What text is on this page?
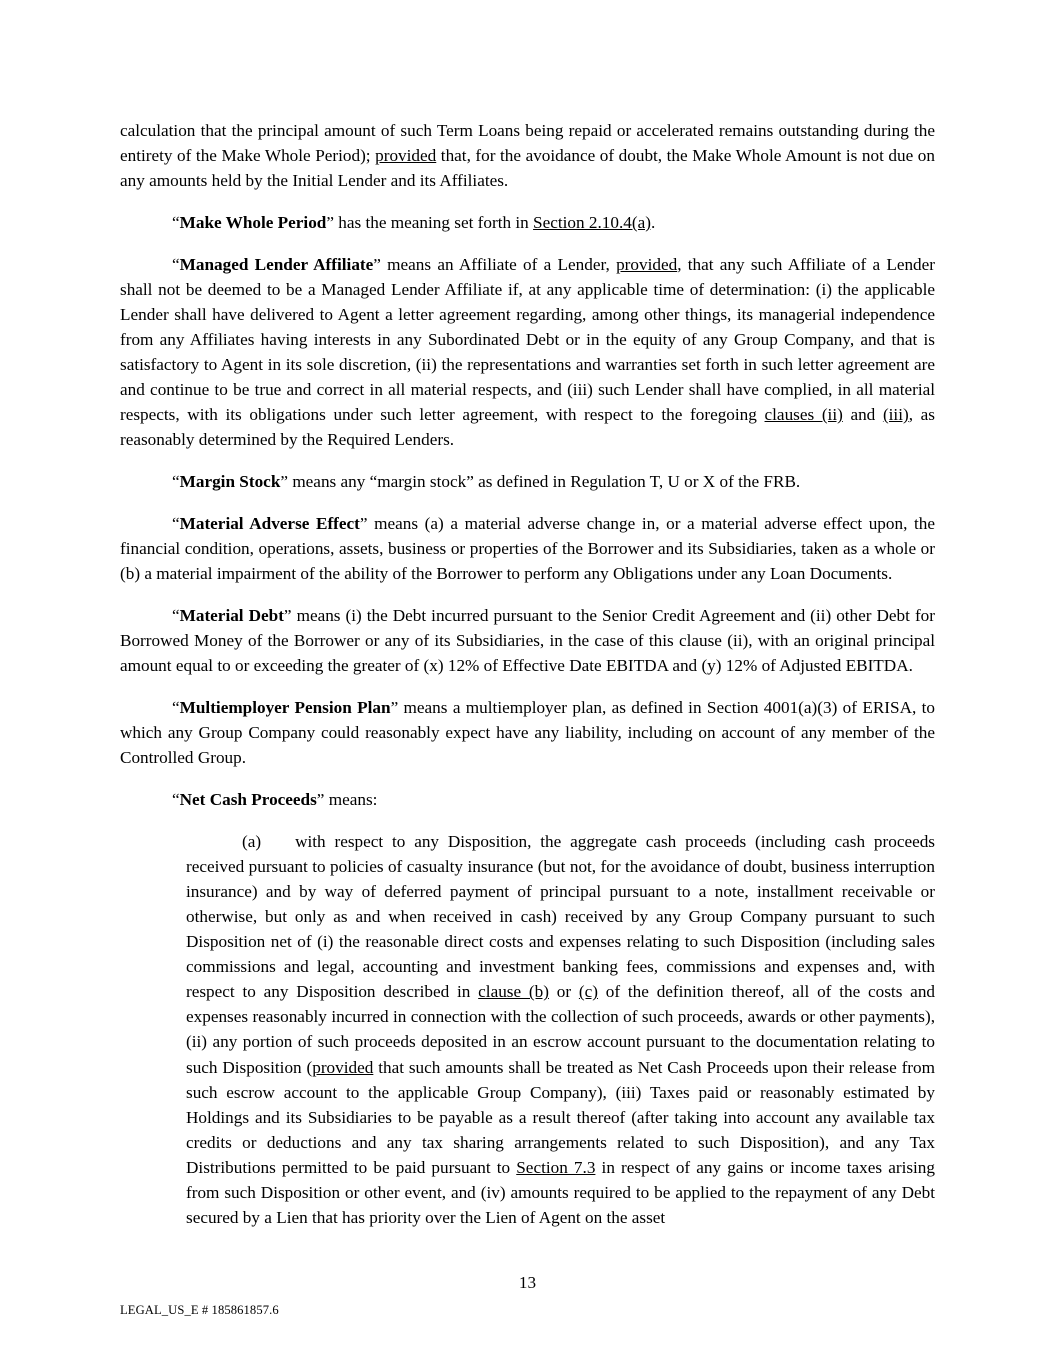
calculation that the principal amount of such Term Loans being repaid or accelerated remains outstanding during the entirety of the Make Whole Period); provided that, for the avoidance of doubt, the Make Whole Amount is not due on any amounts held by the Initial Lender and its Affiliates.

“Make Whole Period” has the meaning set forth in Section 2.10.4(a).

“Managed Lender Affiliate” means an Affiliate of a Lender, provided, that any such Affiliate of a Lender shall not be deemed to be a Managed Lender Affiliate if, at any applicable time of determination: (i) the applicable Lender shall have delivered to Agent a letter agreement regarding, among other things, its managerial independence from any Affiliates having interests in any Subordinated Debt or in the equity of any Group Company, and that is satisfactory to Agent in its sole discretion, (ii) the representations and warranties set forth in such letter agreement are and continue to be true and correct in all material respects, and (iii) such Lender shall have complied, in all material respects, with its obligations under such letter agreement, with respect to the foregoing clauses (ii) and (iii), as reasonably determined by the Required Lenders.

“Margin Stock” means any “margin stock” as defined in Regulation T, U or X of the FRB.

“Material Adverse Effect” means (a) a material adverse change in, or a material adverse effect upon, the financial condition, operations, assets, business or properties of the Borrower and its Subsidiaries, taken as a whole or (b) a material impairment of the ability of the Borrower to perform any Obligations under any Loan Documents.

“Material Debt” means (i) the Debt incurred pursuant to the Senior Credit Agreement and (ii) other Debt for Borrowed Money of the Borrower or any of its Subsidiaries, in the case of this clause (ii), with an original principal amount equal to or exceeding the greater of (x) 12% of Effective Date EBITDA and (y) 12% of Adjusted EBITDA.

“Multiemployer Pension Plan” means a multiemployer plan, as defined in Section 4001(a)(3) of ERISA, to which any Group Company could reasonably expect have any liability, including on account of any member of the Controlled Group.

“Net Cash Proceeds” means:

(a) with respect to any Disposition, the aggregate cash proceeds (including cash proceeds received pursuant to policies of casualty insurance (but not, for the avoidance of doubt, business interruption insurance) and by way of deferred payment of principal pursuant to a note, installment receivable or otherwise, but only as and when received in cash) received by any Group Company pursuant to such Disposition net of (i) the reasonable direct costs and expenses relating to such Disposition (including sales commissions and legal, accounting and investment banking fees, commissions and expenses and, with respect to any Disposition described in clause (b) or (c) of the definition thereof, all of the costs and expenses reasonably incurred in connection with the collection of such proceeds, awards or other payments), (ii) any portion of such proceeds deposited in an escrow account pursuant to the documentation relating to such Disposition (provided that such amounts shall be treated as Net Cash Proceeds upon their release from such escrow account to the applicable Group Company), (iii) Taxes paid or reasonably estimated by Holdings and its Subsidiaries to be payable as a result thereof (after taking into account any available tax credits or deductions and any tax sharing arrangements related to such Disposition), and any Tax Distributions permitted to be paid pursuant to Section 7.3 in respect of any gains or income taxes arising from such Disposition or other event, and (iv) amounts required to be applied to the repayment of any Debt secured by a Lien that has priority over the Lien of Agent on the asset

13
LEGAL_US_E # 185861857.6
